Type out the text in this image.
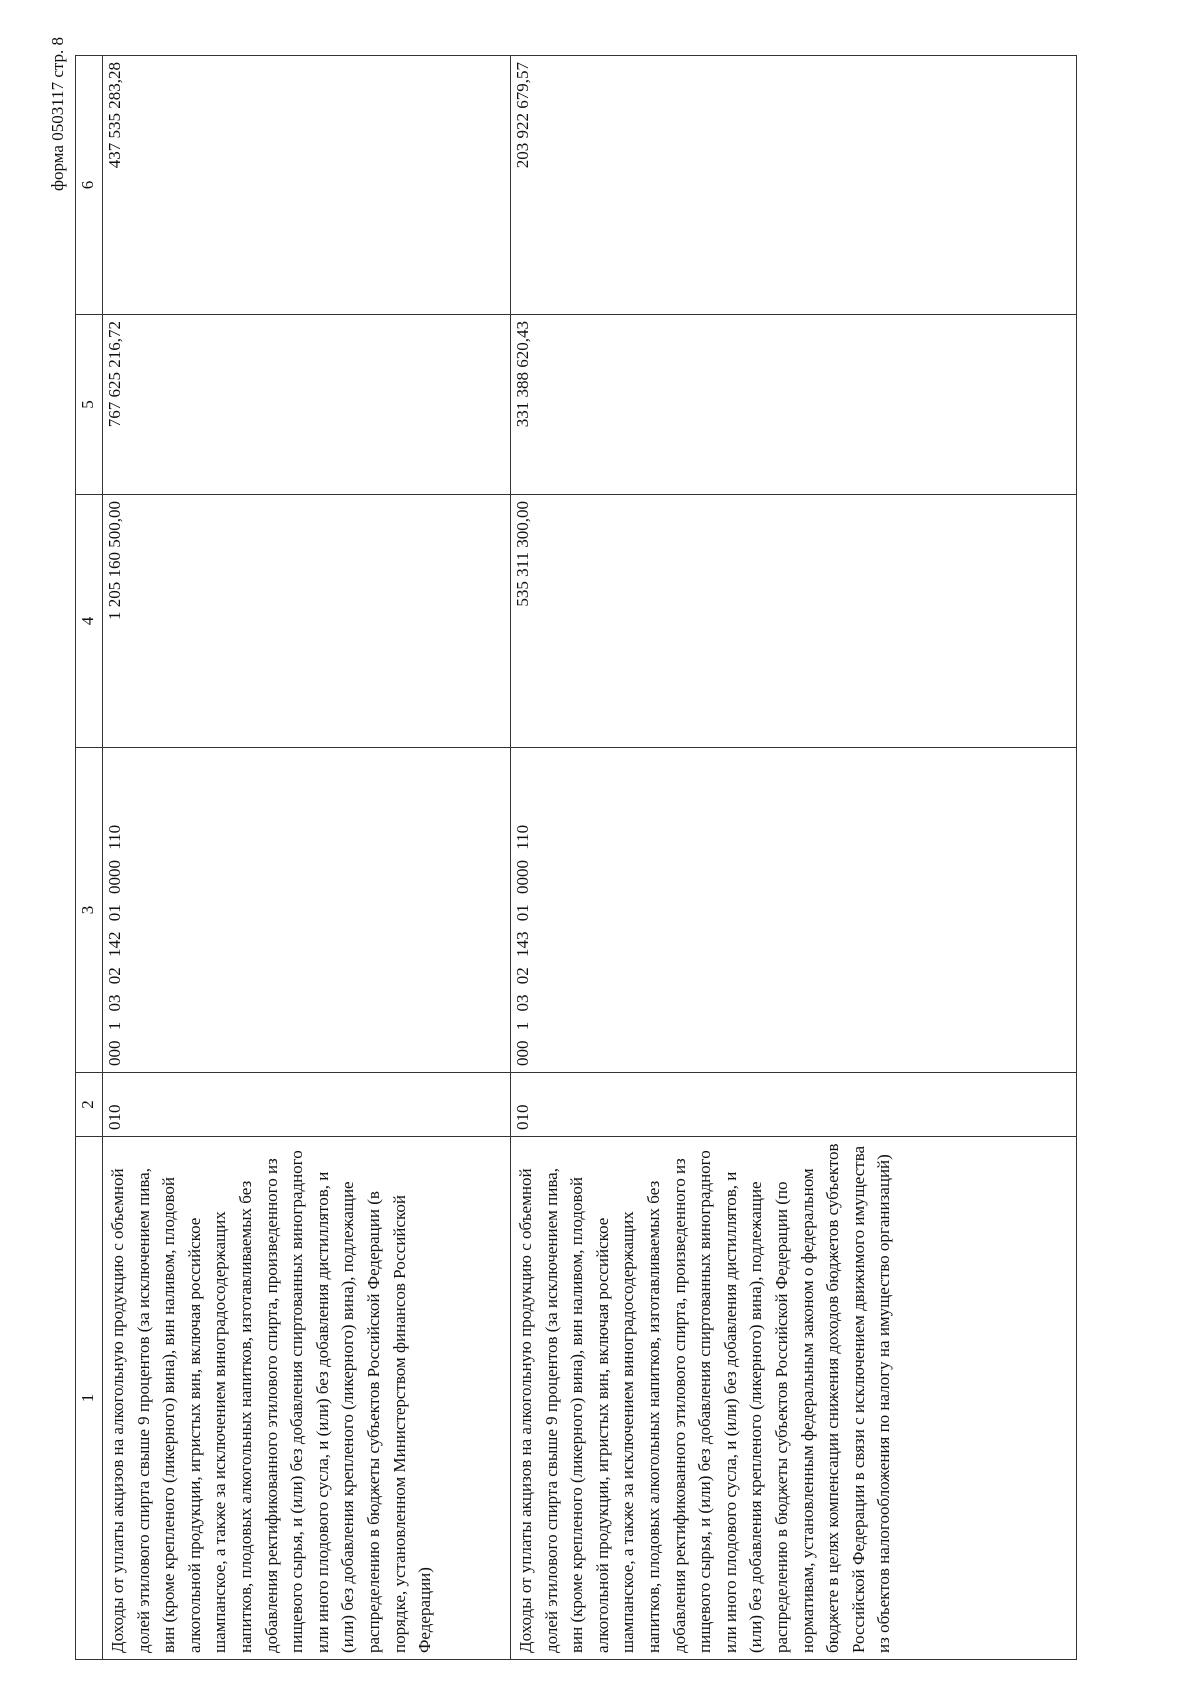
форма 0503117 стр. 8
1	2	3	4	5	6
Доходы от уплаты акцизов на алкогольную продукцию с объемной долей этилового спирта свыше 9 процентов (за исключением пива, вин (кроме крепленого (ликерного) вина), вин наливом, плодовой алкогольной продукции, игристых вин, включая российское шампанское, а также за исключением виноградосодержащих напитков, плодовых алкогольных напитков, изготавливаемых без добавления ректификованного этилового спирта, произведенного из пищевого сырья, и (или) без добавления спиртованных виноградного или иного плодового сусла, и (или) без добавления дистиллятов, и (или) без добавления крепленого (ликерного) вина), подлежащие распределению в бюджеты субъектов Российской Федерации (в порядке, установленном Министерством финансов Российской Федерации)	010	000 1 03 02 142 01 0000 110	1 205 160 500,00	767 625 216,72	437 535 283,28
Доходы от уплаты акцизов на алкогольную продукцию с объемной долей этилового спирта свыше 9 процентов (за исключением пива, вин (кроме крепленого (ликерного) вина), вин наливом, плодовой алкогольной продукции, игристых вин, включая российское шампанское, а также за исключением виноградосодержащих напитков, плодовых алкогольных напитков, изготавливаемых без добавления ректификованного этилового спирта, произведенного из пищевого сырья, и (или) без добавления спиртованных виноградного или иного плодового сусла, и (или) без добавления дистиллятов, и (или) без добавления крепленого (ликерного) вина), подлежащие распределению в бюджеты субъектов Российской Федерации (по нормативам, установленным федеральным законом о федеральном бюджете в целях компенсации снижения доходов бюджетов субъектов Российской Федерации в связи с исключением движимого имущества из объектов налогообложения по налогу на имущество организаций)	010	000 1 03 02 143 01 0000 110	535 311 300,00	331 388 620,43	203 922 679,57
